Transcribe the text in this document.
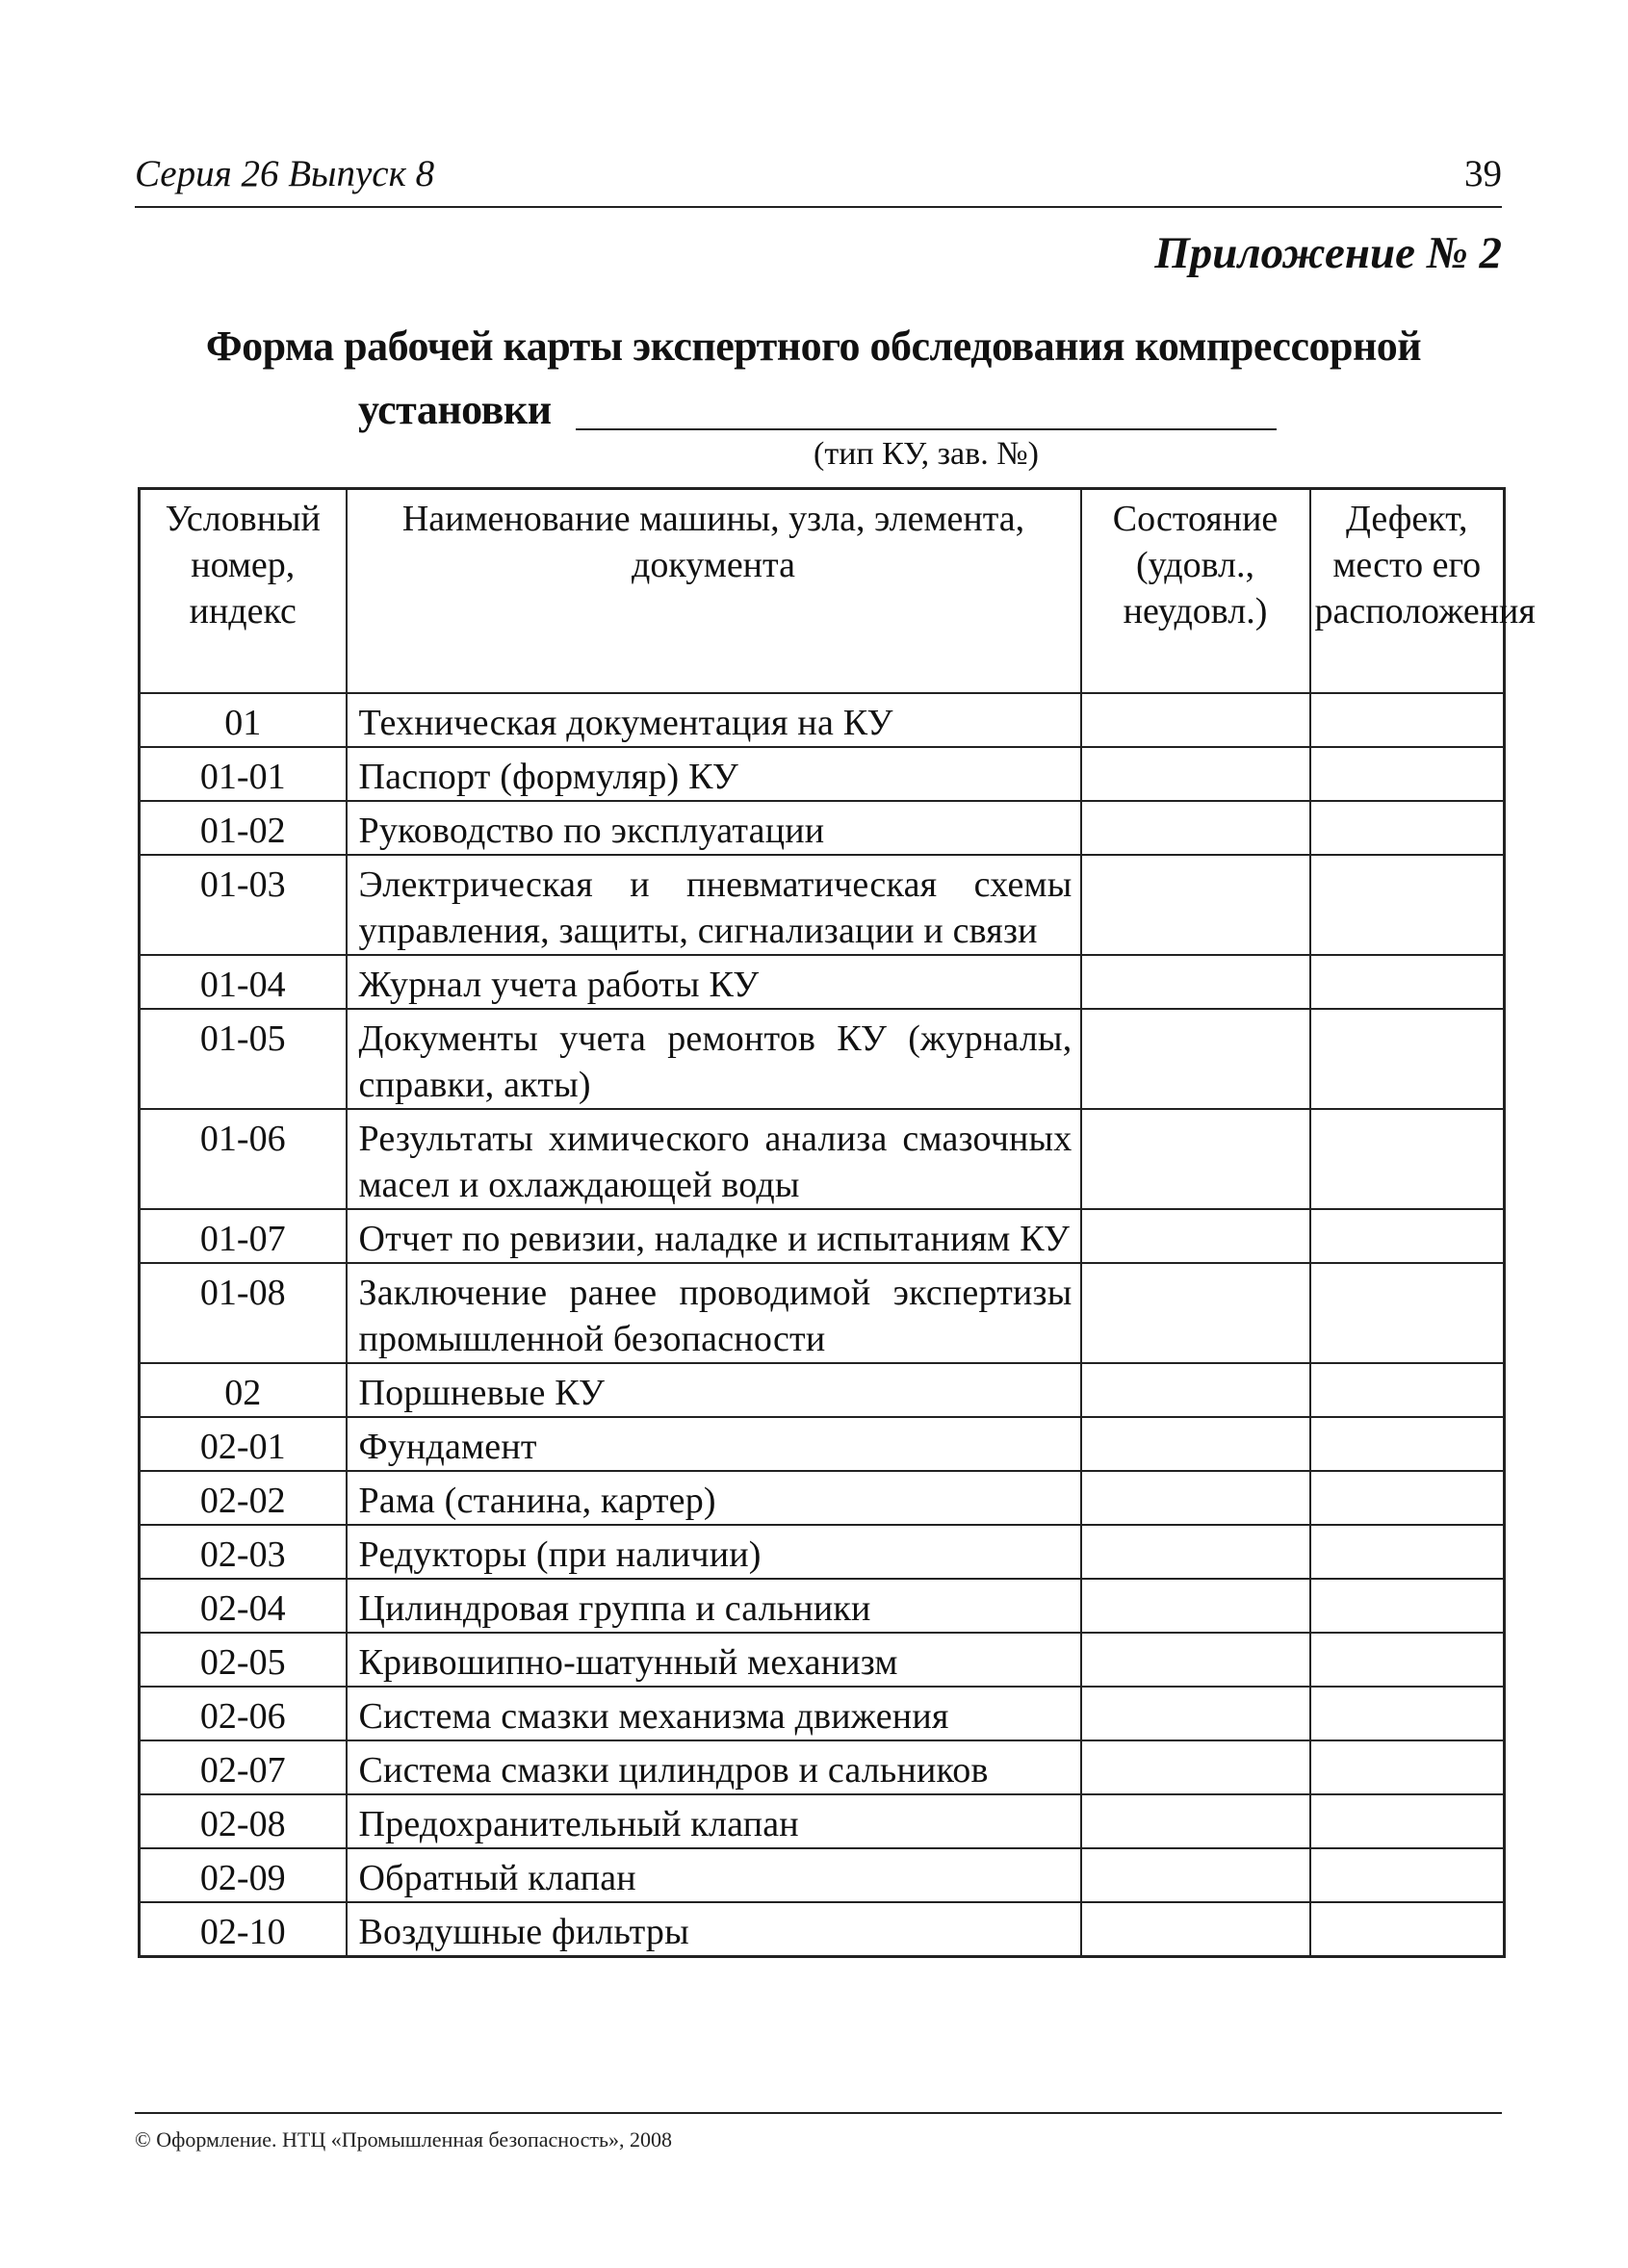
Серия 26 Выпуск 8	39
Приложение № 2
Форма рабочей карты экспертного обследования компрессорной
установки
(тип КУ, зав. №)
Условный номер, индекс	Наименование машины, узла, элемента, документа	Состояние (удовл., неудовл.)	Дефект, место его расположения
01	Техническая документация на КУ		
01-01	Паспорт (формуляр) КУ		
01-02	Руководство по эксплуатации		
01-03	Электрическая и пневматическая схемы управления, защиты, сигнализации и связи		
01-04	Журнал учета работы КУ		
01-05	Документы учета ремонтов КУ (журналы, справки, акты)		
01-06	Результаты химического анализа смазочных масел и охлаждающей воды		
01-07	Отчет по ревизии, наладке и испытаниям КУ		
01-08	Заключение ранее проводимой экспертизы промышленной безопасности		
02	Поршневые КУ		
02-01	Фундамент		
02-02	Рама (станина, картер)		
02-03	Редукторы (при наличии)		
02-04	Цилиндровая группа и сальники		
02-05	Кривошипно-шатунный механизм		
02-06	Система смазки механизма движения		
02-07	Система смазки цилиндров и сальников		
02-08	Предохранительный клапан		
02-09	Обратный клапан		
02-10	Воздушные фильтры		
© Оформление. НТЦ «Промышленная безопасность», 2008
